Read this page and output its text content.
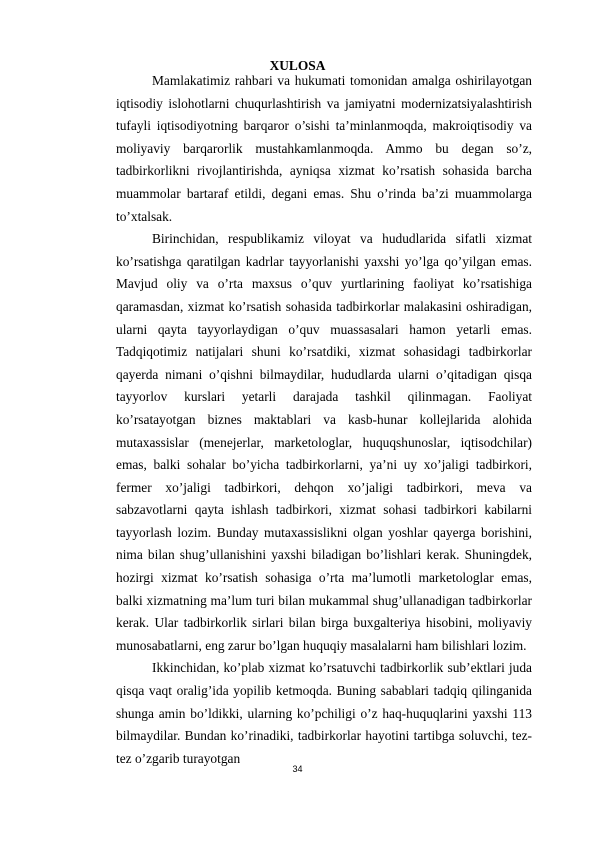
XULOSA

Mamlakatimiz rahbari va hukumati tomonidan amalga oshirilayotgan iqtisodiy islohotlarni chuqurlashtirish va jamiyatni modernizatsiyalashtirish tufayli iqtisodiyotning barqaror o’sishi ta’minlanmoqda, makroiqtisodiy va moliyaviy barqarorlik mustahkamlanmoqda. Ammo bu degan so’z, tadbirkorlikni rivojlantirishda, ayniqsa xizmat ko’rsatish sohasida barcha muammolar bartaraf etildi, degani emas. Shu o’rinda ba’zi muammolarga to’xtalsak.

Birinchidan, respublikamiz viloyat va hududlarida sifatli xizmat ko’rsatishga qaratilgan kadrlar tayyorlanishi yaxshi yo’lga qo’yilgan emas. Mavjud oliy va o’rta maxsus o’quv yurtlarining faoliyat ko’rsatishiga qaramasdan, xizmat ko’rsatish sohasida tadbirkorlar malakasini oshiradigan, ularni qayta tayyorlaydigan o’quv muassasalari hamon yetarli emas. Tadqiqotimiz natijalari shuni ko’rsatdiki, xizmat sohasidagi tadbirkorlar qayerda nimani o’qishni bilmaydilar, hududlarda ularni o’qitadigan qisqa tayyorlov kurslari yetarli darajada tashkil qilinmagan. Faoliyat ko’rsatayotgan biznes maktablari va kasb-hunar kollejlarida alohida mutaxassislar (menejerlar, marketologlar, huquqshunoslar, iqtisodchilar) emas, balki sohalar bo’yicha tadbirkorlarni, ya’ni uy xo’jaligi tadbirkori, fermer xo’jaligi tadbirkori, dehqon xo’jaligi tadbirkori, meva va sabzavotlarni qayta ishlash tadbirkori, xizmat sohasi tadbirkori kabilarni tayyorlash lozim. Bunday mutaxassislikni olgan yoshlar qayerga borishini, nima bilan shug’ullanishini yaxshi biladigan bo’lishlari kerak. Shuningdek, hozirgi xizmat ko’rsatish sohasiga o’rta ma’lumotli marketologlar emas, balki xizmatning ma’lum turi bilan mukammal shug’ullanadigan tadbirkorlar kerak. Ular tadbirkorlik sirlari bilan birga buxgalteriya hisobini, moliyaviy munosabatlarni, eng zarur bo’lgan huquqiy masalalarni ham bilishlari lozim.

Ikkinchidan, ko’plab xizmat ko’rsatuvchi tadbirkorlik sub’ektlari juda qisqa vaqt oralig’ida yopilib ketmoqda. Buning sabablari tadqiq qilinganida shunga amin bo’ldikki, ularning ko’pchiligi o’z haq-huquqlarini yaxshi 113 bilmaydilar. Bundan ko’rinadiki, tadbirkorlar hayotini tartibga soluvchi, tez-tez o’zgarib turayotgan

34
